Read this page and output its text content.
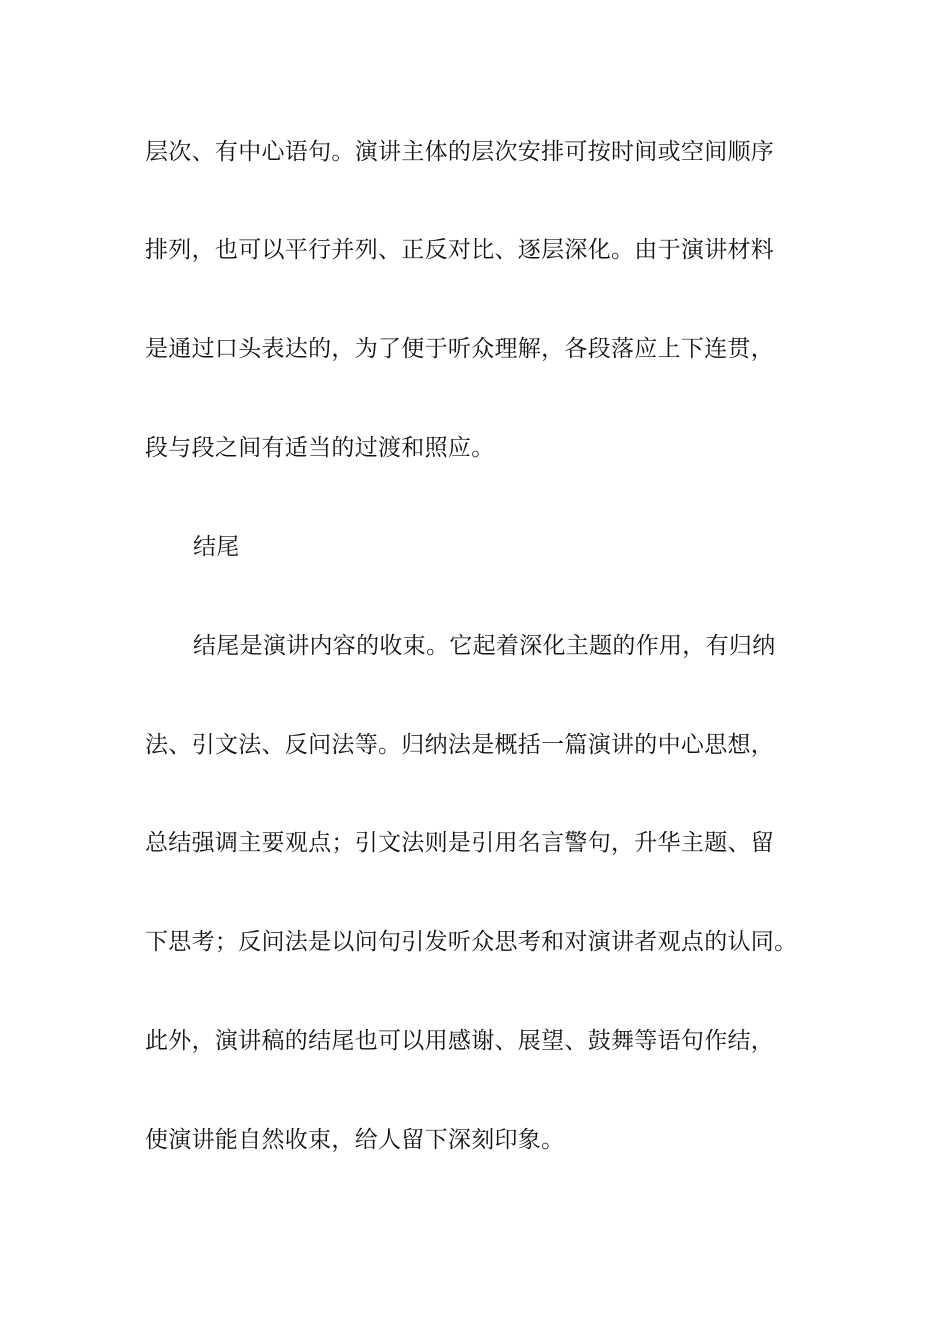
层次、有中心语句。演讲主体的层次安排可按时间或空间顺序
排列，也可以平行并列、正反对比、逐层深化。由于演讲材料
是通过口头表达的，为了便于听众理解，各段落应上下连贯，
段与段之间有适当的过渡和照应。
结尾
结尾是演讲内容的收束。它起着深化主题的作用，有归纳
法、引文法、反问法等。归纳法是概括一篇演讲的中心思想，
总结强调主要观点；引文法则是引用名言警句，升华主题、留
下思考；反问法是以问句引发听众思考和对演讲者观点的认同。
此外，演讲稿的结尾也可以用感谢、展望、鼓舞等语句作结，
使演讲能自然收束，给人留下深刻印象。
